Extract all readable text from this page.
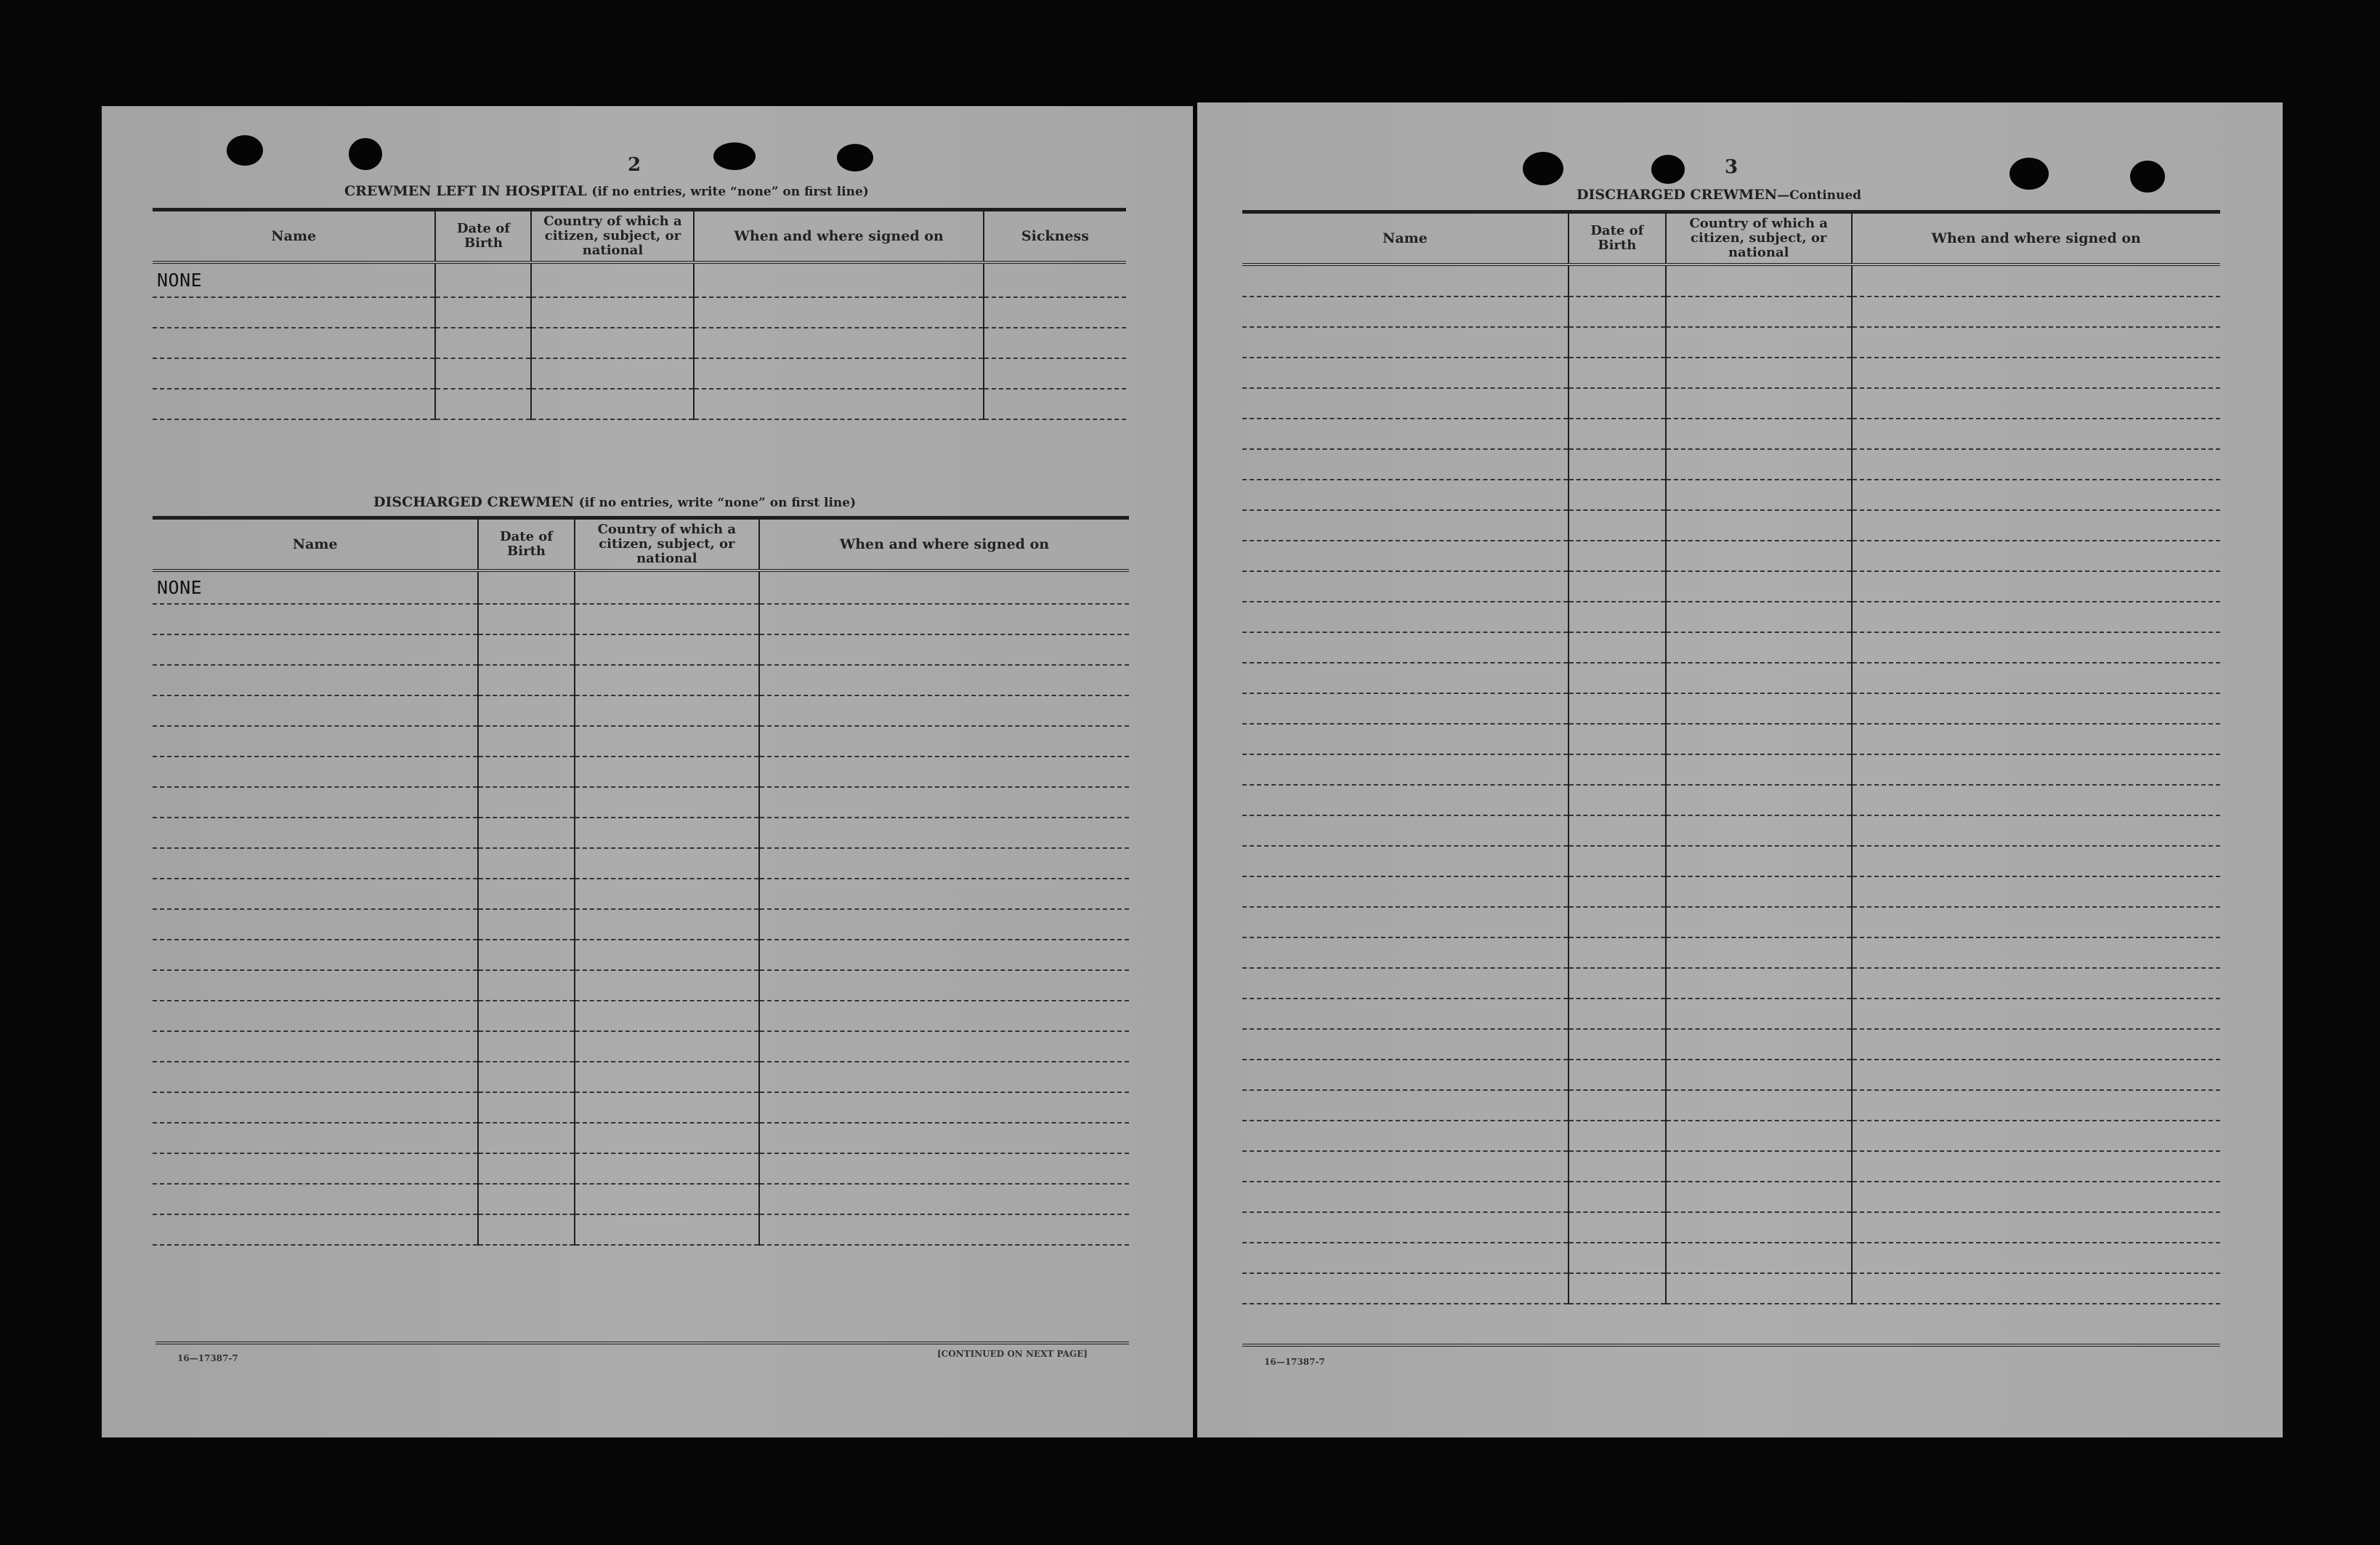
2
CREWMEN LEFT IN HOSPITAL (if no entries, write “none” on first line)

Name	Date of Birth	Country of which a citizen, subject, or national	When and where signed on	Sickness
NONE				

DISCHARGED CREWMEN (if no entries, write “none” on first line)

Name	Date of Birth	Country of which a citizen, subject, or national	When and where signed on
NONE			

16—17387-7	[CONTINUED ON NEXT PAGE]
3
DISCHARGED CREWMEN—Continued

Name	Date of Birth	Country of which a citizen, subject, or national	When and where signed on

16—17387-7
